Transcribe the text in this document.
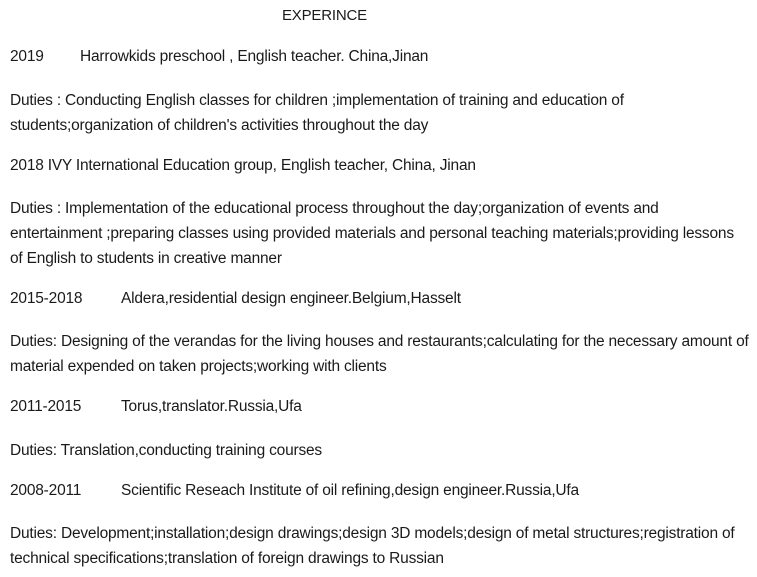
EXPERINCE
2019 Harrowkids preschool , English teacher. China,Jinan
Duties : Conducting English classes for children ;implementation of training and education of students;organization of children's activities throughout the day
2018 IVY International Education group, English teacher, China, Jinan
Duties : Implementation of the educational process throughout the day;organization of events and entertainment ;preparing classes using provided materials and personal teaching materials;providing lessons of English to students in creative manner
2015-2018 Aldera,residential design engineer.Belgium,Hasselt
Duties: Designing of the verandas for the living houses and restaurants;calculating for the necessary amount of material expended on taken projects;working with clients
2011-2015	Torus,translator.Russia,Ufa
Duties: Translation,conducting training courses
2008-2011	Scientific Reseach Institute of oil refining,design engineer.Russia,Ufa
Duties: Development;installation;design drawings;design 3D models;design of metal structures;registration of technical specifications;translation of foreign drawings to Russian
